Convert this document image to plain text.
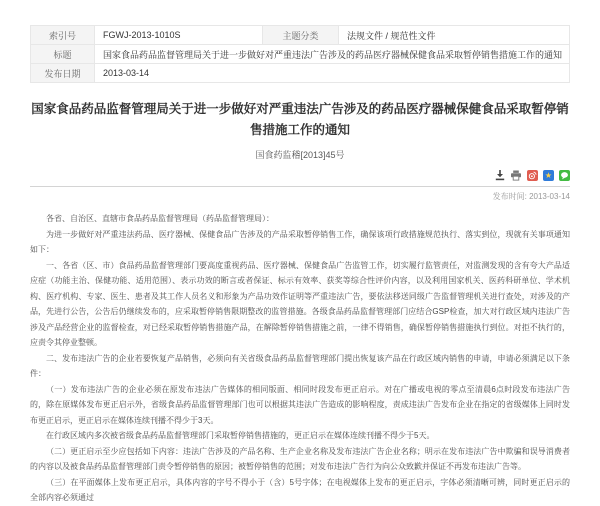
索引号	FGWJ-2013-1010S	主题分类	法规文件 / 规范性文件
标题	国家食品药品监督管理局关于进一步做好对严重违法广告涉及的药品医疗器械保健食品采取暂停销售措施工作的通知		
发布日期	2013-03-14		
国家食品药品监督管理局关于进一步做好对严重违法广告涉及的药品医疗器械保健食品采取暂停销售措施工作的通知
国食药监稽[2013]45号
★
发布时间: 2013-03-14

各省、自治区、直辖市食品药品监督管理局（药品监督管理局）：

为进一步做好对严重违法药品、医疗器械、保健食品广告涉及的产品采取暂停销售工作，确保该项行政措施规范执行、落实到位，现就有关事项通知如下：

一、各省（区、市）食品药品监督管理部门要高度重视药品、医疗器械、保健食品广告监管工作，切实履行监管责任，对监测发现的含有夸大产品适应症（功能主治、保健功能、适用范围）、表示功效的断言或者保证、标示有效率、获奖等综合性评价内容，以及利用国家机关、医药科研单位、学术机构、医疗机构、专家、医生、患者及其工作人员名义和形象为产品功效作证明等严重违法广告，要依法移送同级广告监督管理机关进行查处，对涉及的产品，先进行公告，公告后仍继续发布的，应采取暂停销售限期整改的监管措施。各级食品药品监督管理部门应结合GSP检查，加大对行政区域内违法广告涉及产品经营企业的监督检查，对已经采取暂停销售措施产品，在解除暂停销售措施之前，一律不得销售，确保暂停销售措施执行到位。对拒不执行的，应责令其停业整顿。

二、发布违法广告的企业若要恢复产品销售，必须向有关省级食品药品监督管理部门提出恢复该产品在行政区域内销售的申请，申请必须满足以下条件：

（一）发布违法广告的企业必须在原发布违法广告媒体的相同版面、相同时段发布更正启示。对在广播或电视的零点至清晨6点时段发布违法广告的，除在原媒体发布更正启示外，省级食品药品监督管理部门也可以根据其违法广告造成的影响程度，责成违法广告发布企业在指定的省级媒体上同时发布更正启示，更正启示在媒体连续刊播不得少于3天。

在行政区域内多次被省级食品药品监督管理部门采取暂停销售措施的，更正启示在媒体连续刊播不得少于5天。

（二）更正启示至少应包括如下内容：违法广告涉及的产品名称、生产企业名称及发布违法广告企业名称；明示在发布违法广告中欺骗和误导消费者的内容以及被食品药品监督管理部门责令暂停销售的原因；被暂停销售的范围；对发布违法广告行为向公众致歉并保证不再发布违法广告等。

（三）在平面媒体上发布更正启示，具体内容的字号不得小于（含）5号字体；在电视媒体上发布的更正启示，字体必须清晰可辨，同时更正启示的全部内容必须通过
